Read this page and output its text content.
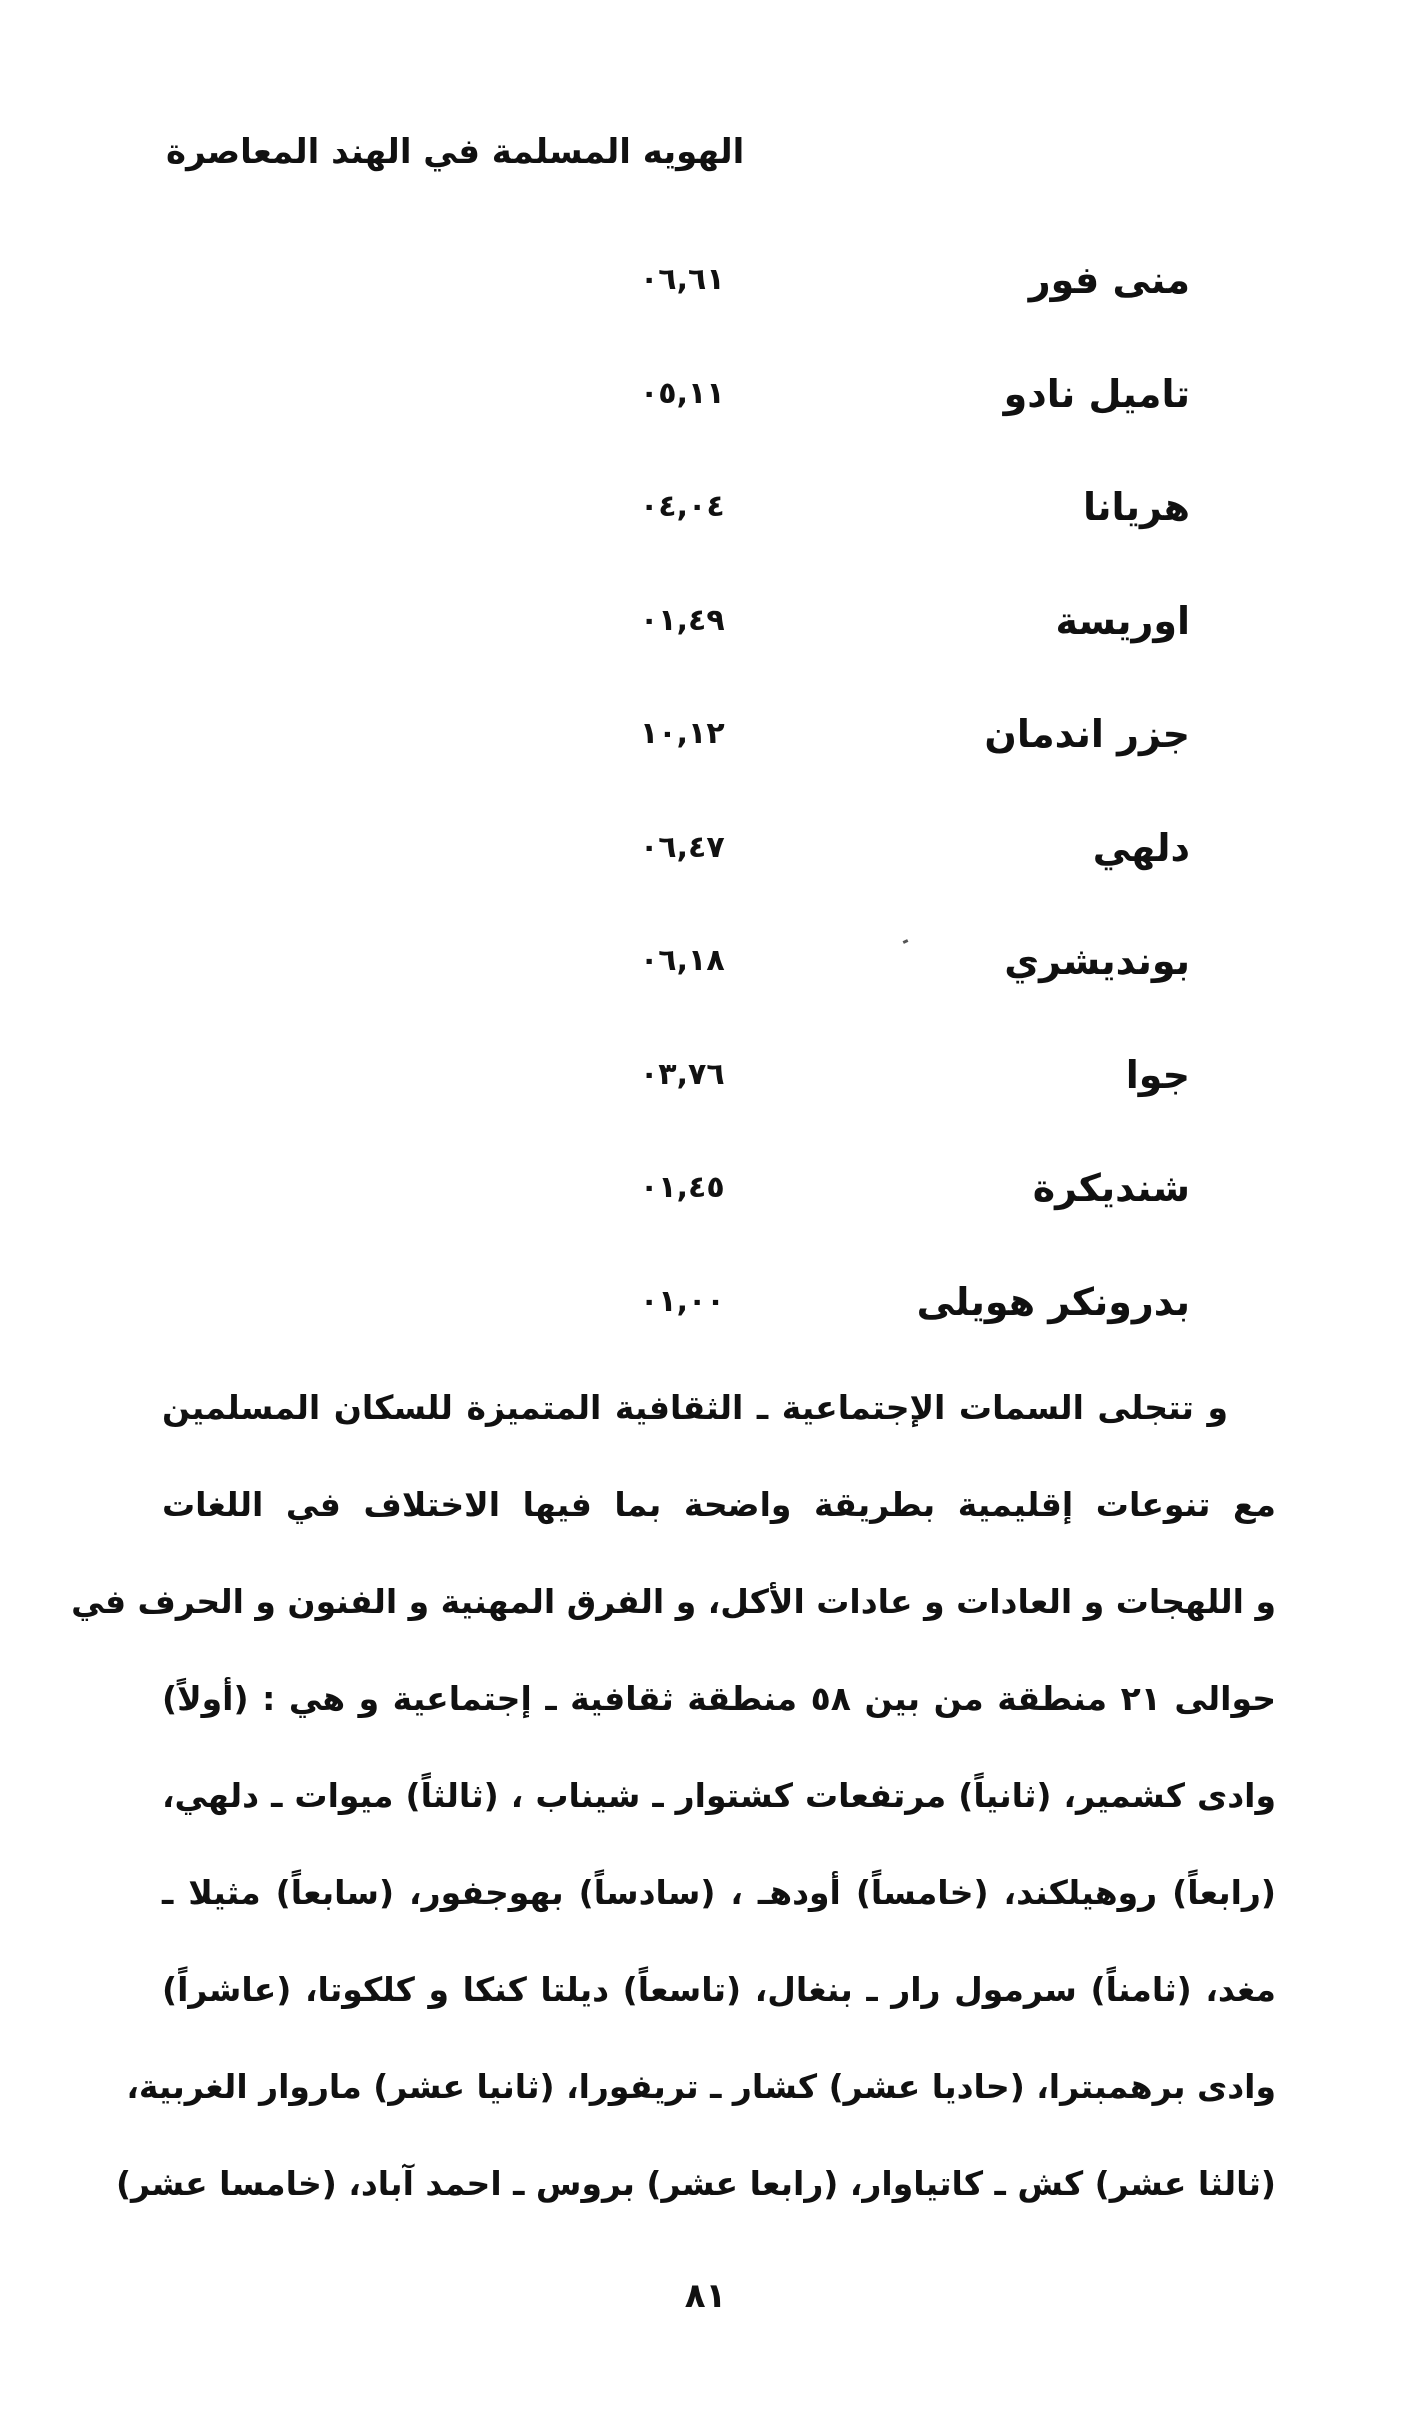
الهويه المسلمة في الهند المعاصرة
منى فور
٠٦,٦١
تاميل نادو
٠٥,١١
هريانا
٠٤,٠٤
اوريسة
٠١,٤٩
جزر اندمان
١٠,١٢
دلهي
٠٦,٤٧
بونديشري
٠٦,١٨
جوا
٠٣,٧٦
شنديكرة
٠١,٤٥
بدرونكر هويلى
٠١,٠٠
و تتجلى السمات الإجتماعية ـ الثقافية المتميزة للسكان المسلمين
مع تنوعات إقليمية بطريقة واضحة بما فيها الاختلاف في اللغات
و اللهجات و العادات و عادات الأكل، و الفرق المهنية و الفنون و الحرف في
حوالى ٢١ منطقة من بين ٥٨ منطقة ثقافية ـ إجتماعية و هي : (أولاً)
وادى كشمير، (ثانياً) مرتفعات كشتوار ـ شيناب ، (ثالثاً) ميوات ـ دلهي،
(رابعاً) روهيلكند، (خامساً) أودهـ ، (سادساً) بهوجفور، (سابعاً) مثيلا ـ
مغد، (ثامناً) سرمول رار ـ بنغال، (تاسعاً) ديلتا كنكا و كلكوتا، (عاشراً)
وادى برهمبترا، (حاديا عشر) كشار ـ تريفورا، (ثانيا عشر) ماروار الغربية،
(ثالثا عشر) كش ـ كاتياوار، (رابعا عشر) بروس ـ احمد آباد، (خامسا عشر)
٨١
